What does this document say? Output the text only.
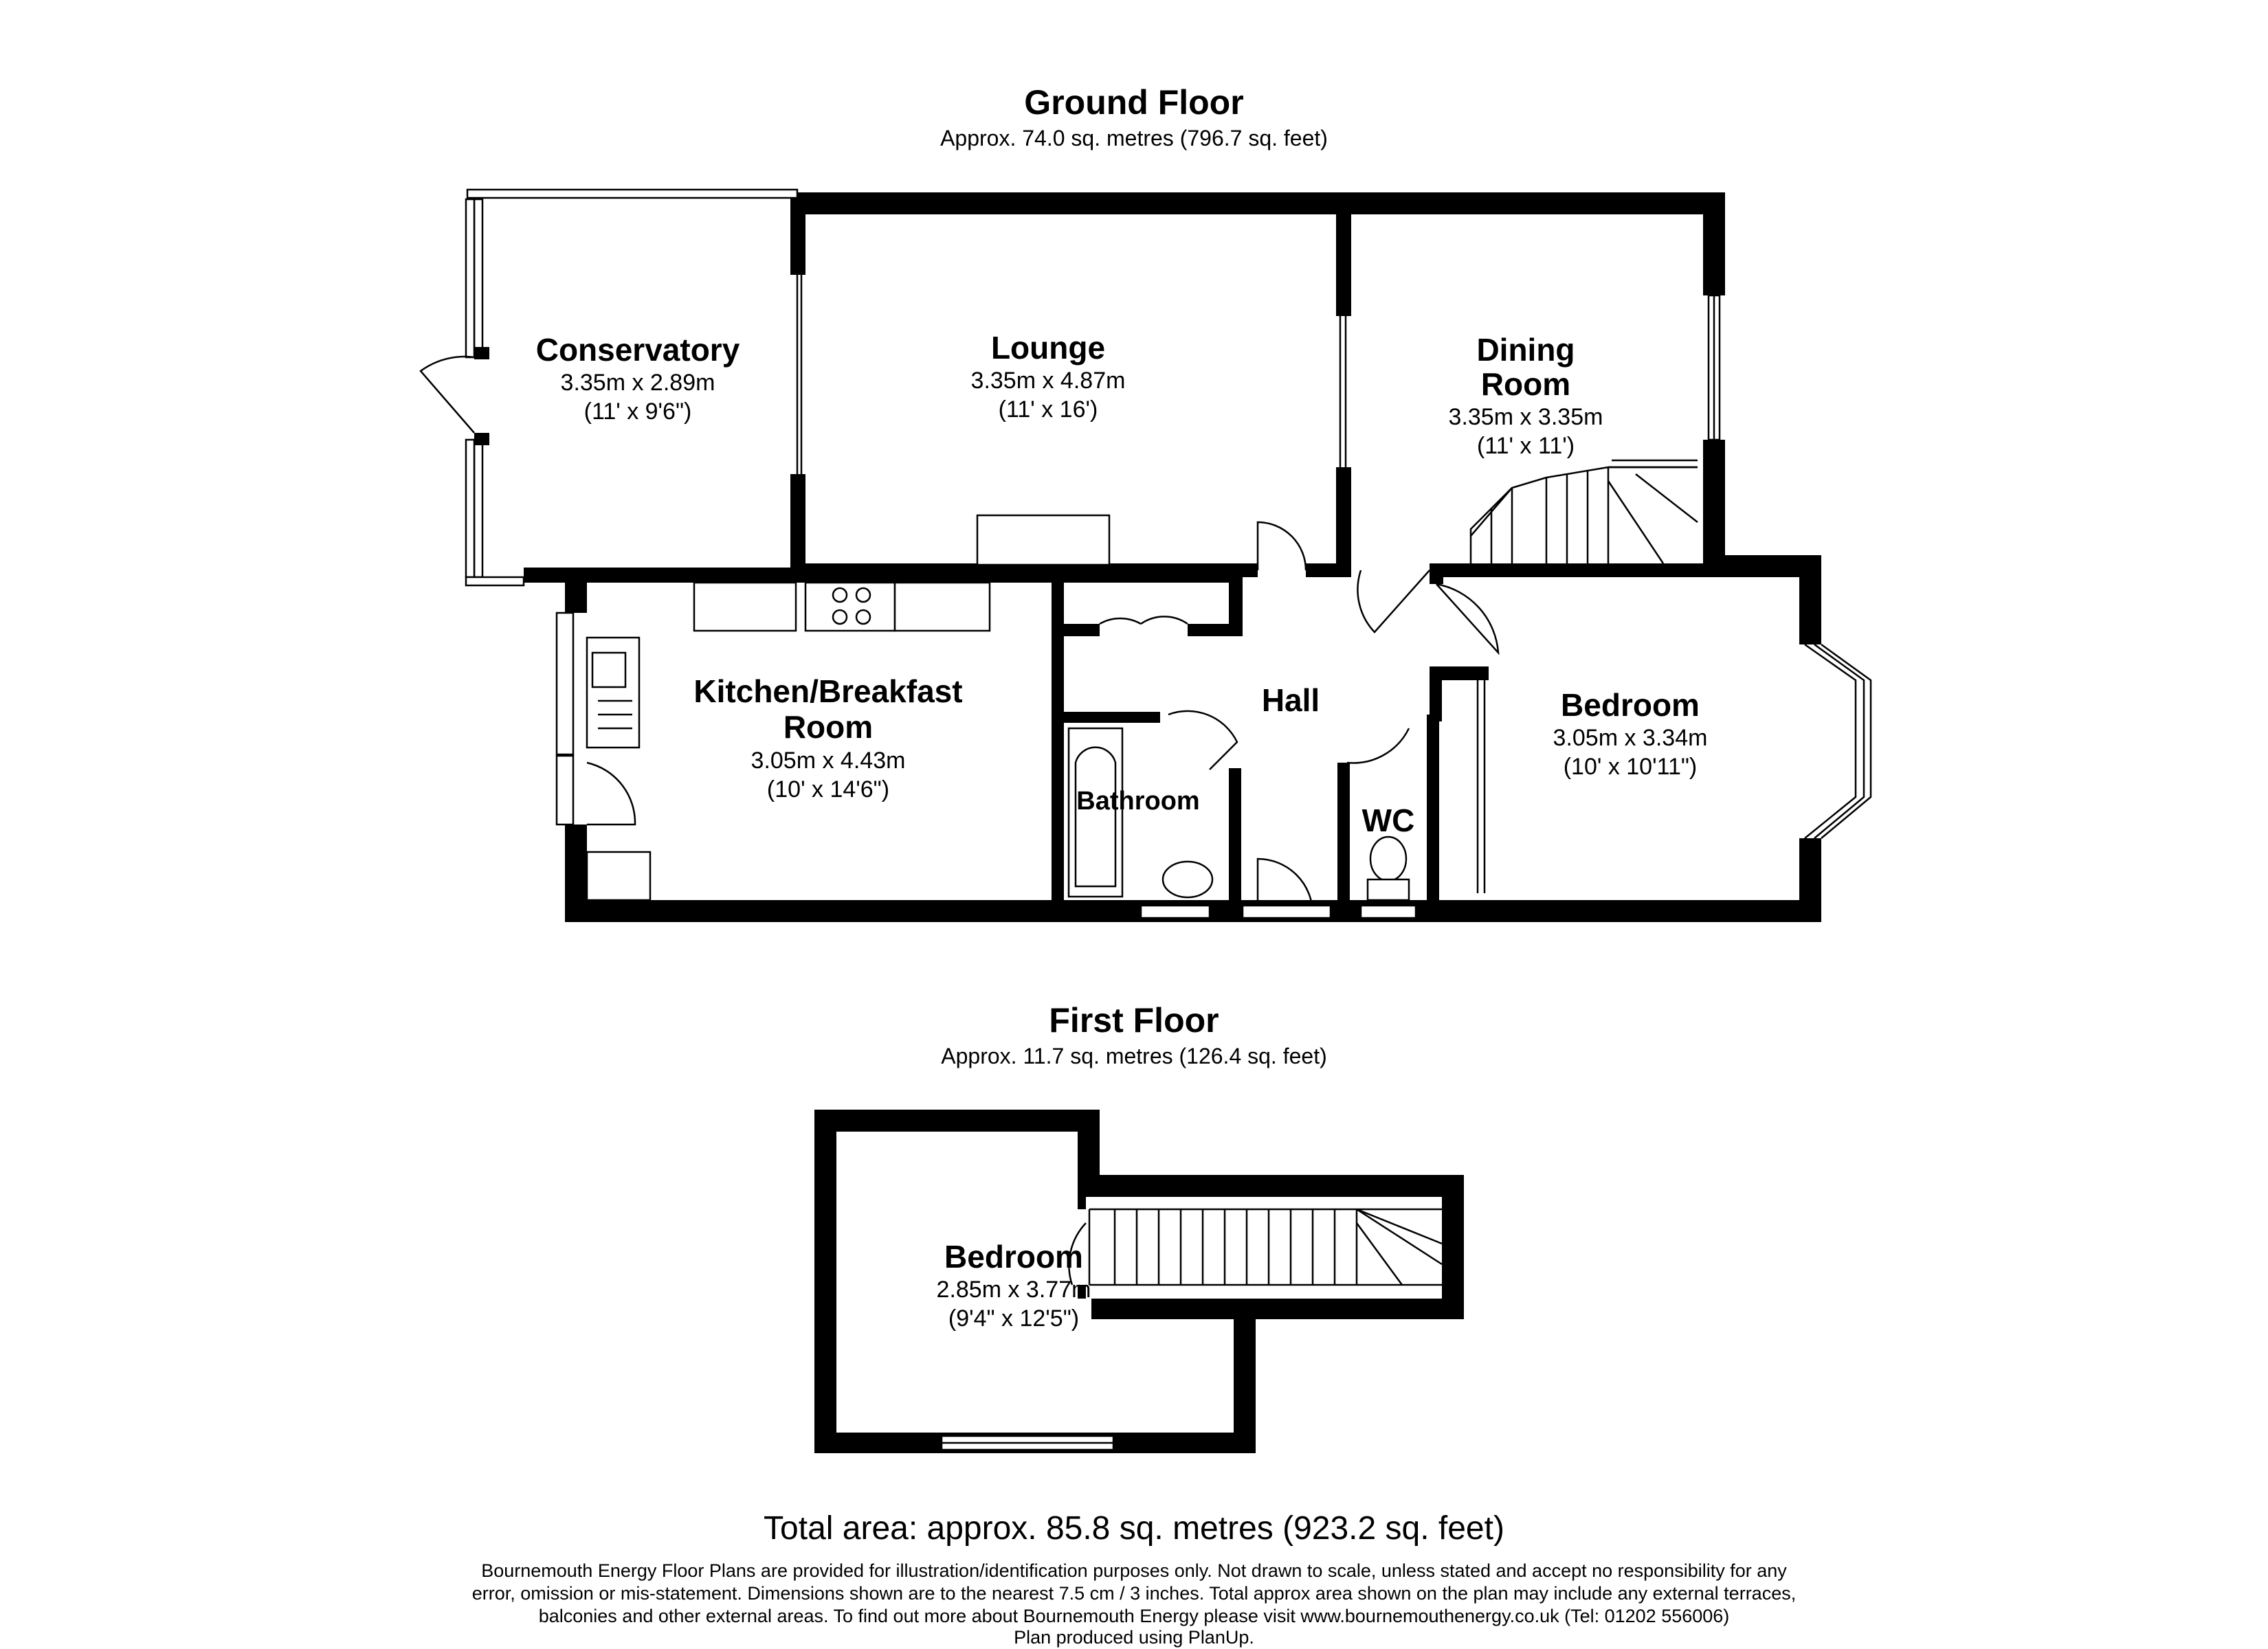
Ground Floor
Approx. 74.0 sq. metres (796.7 sq. feet)
Conservatory
3.35m x 2.89m
(11' x 9'6")
Lounge
3.35m x 4.87m
(11' x 16')
Dining
Room
3.35m x 3.35m
(11' x 11')
Kitchen/Breakfast
Room
3.05m x 4.43m
(10' x 14'6")
Hall
Bathroom
WC
Bedroom
3.05m x 3.34m
(10' x 10'11")
First Floor
Approx. 11.7 sq. metres (126.4 sq. feet)
Bedroom
2.85m x 3.77m
(9'4" x 12'5")
Total area: approx. 85.8 sq. metres (923.2 sq. feet)
Bournemouth Energy Floor Plans are provided for illustration/identification purposes only. Not drawn to scale, unless stated and accept no responsibility for any
error, omission or mis-statement. Dimensions shown are to the nearest 7.5 cm / 3 inches. Total approx area shown on the plan may include any external terraces,
balconies and other external areas. To find out more about Bournemouth Energy please visit www.bournemouthenergy.co.uk (Tel: 01202 556006)
Plan produced using PlanUp.
